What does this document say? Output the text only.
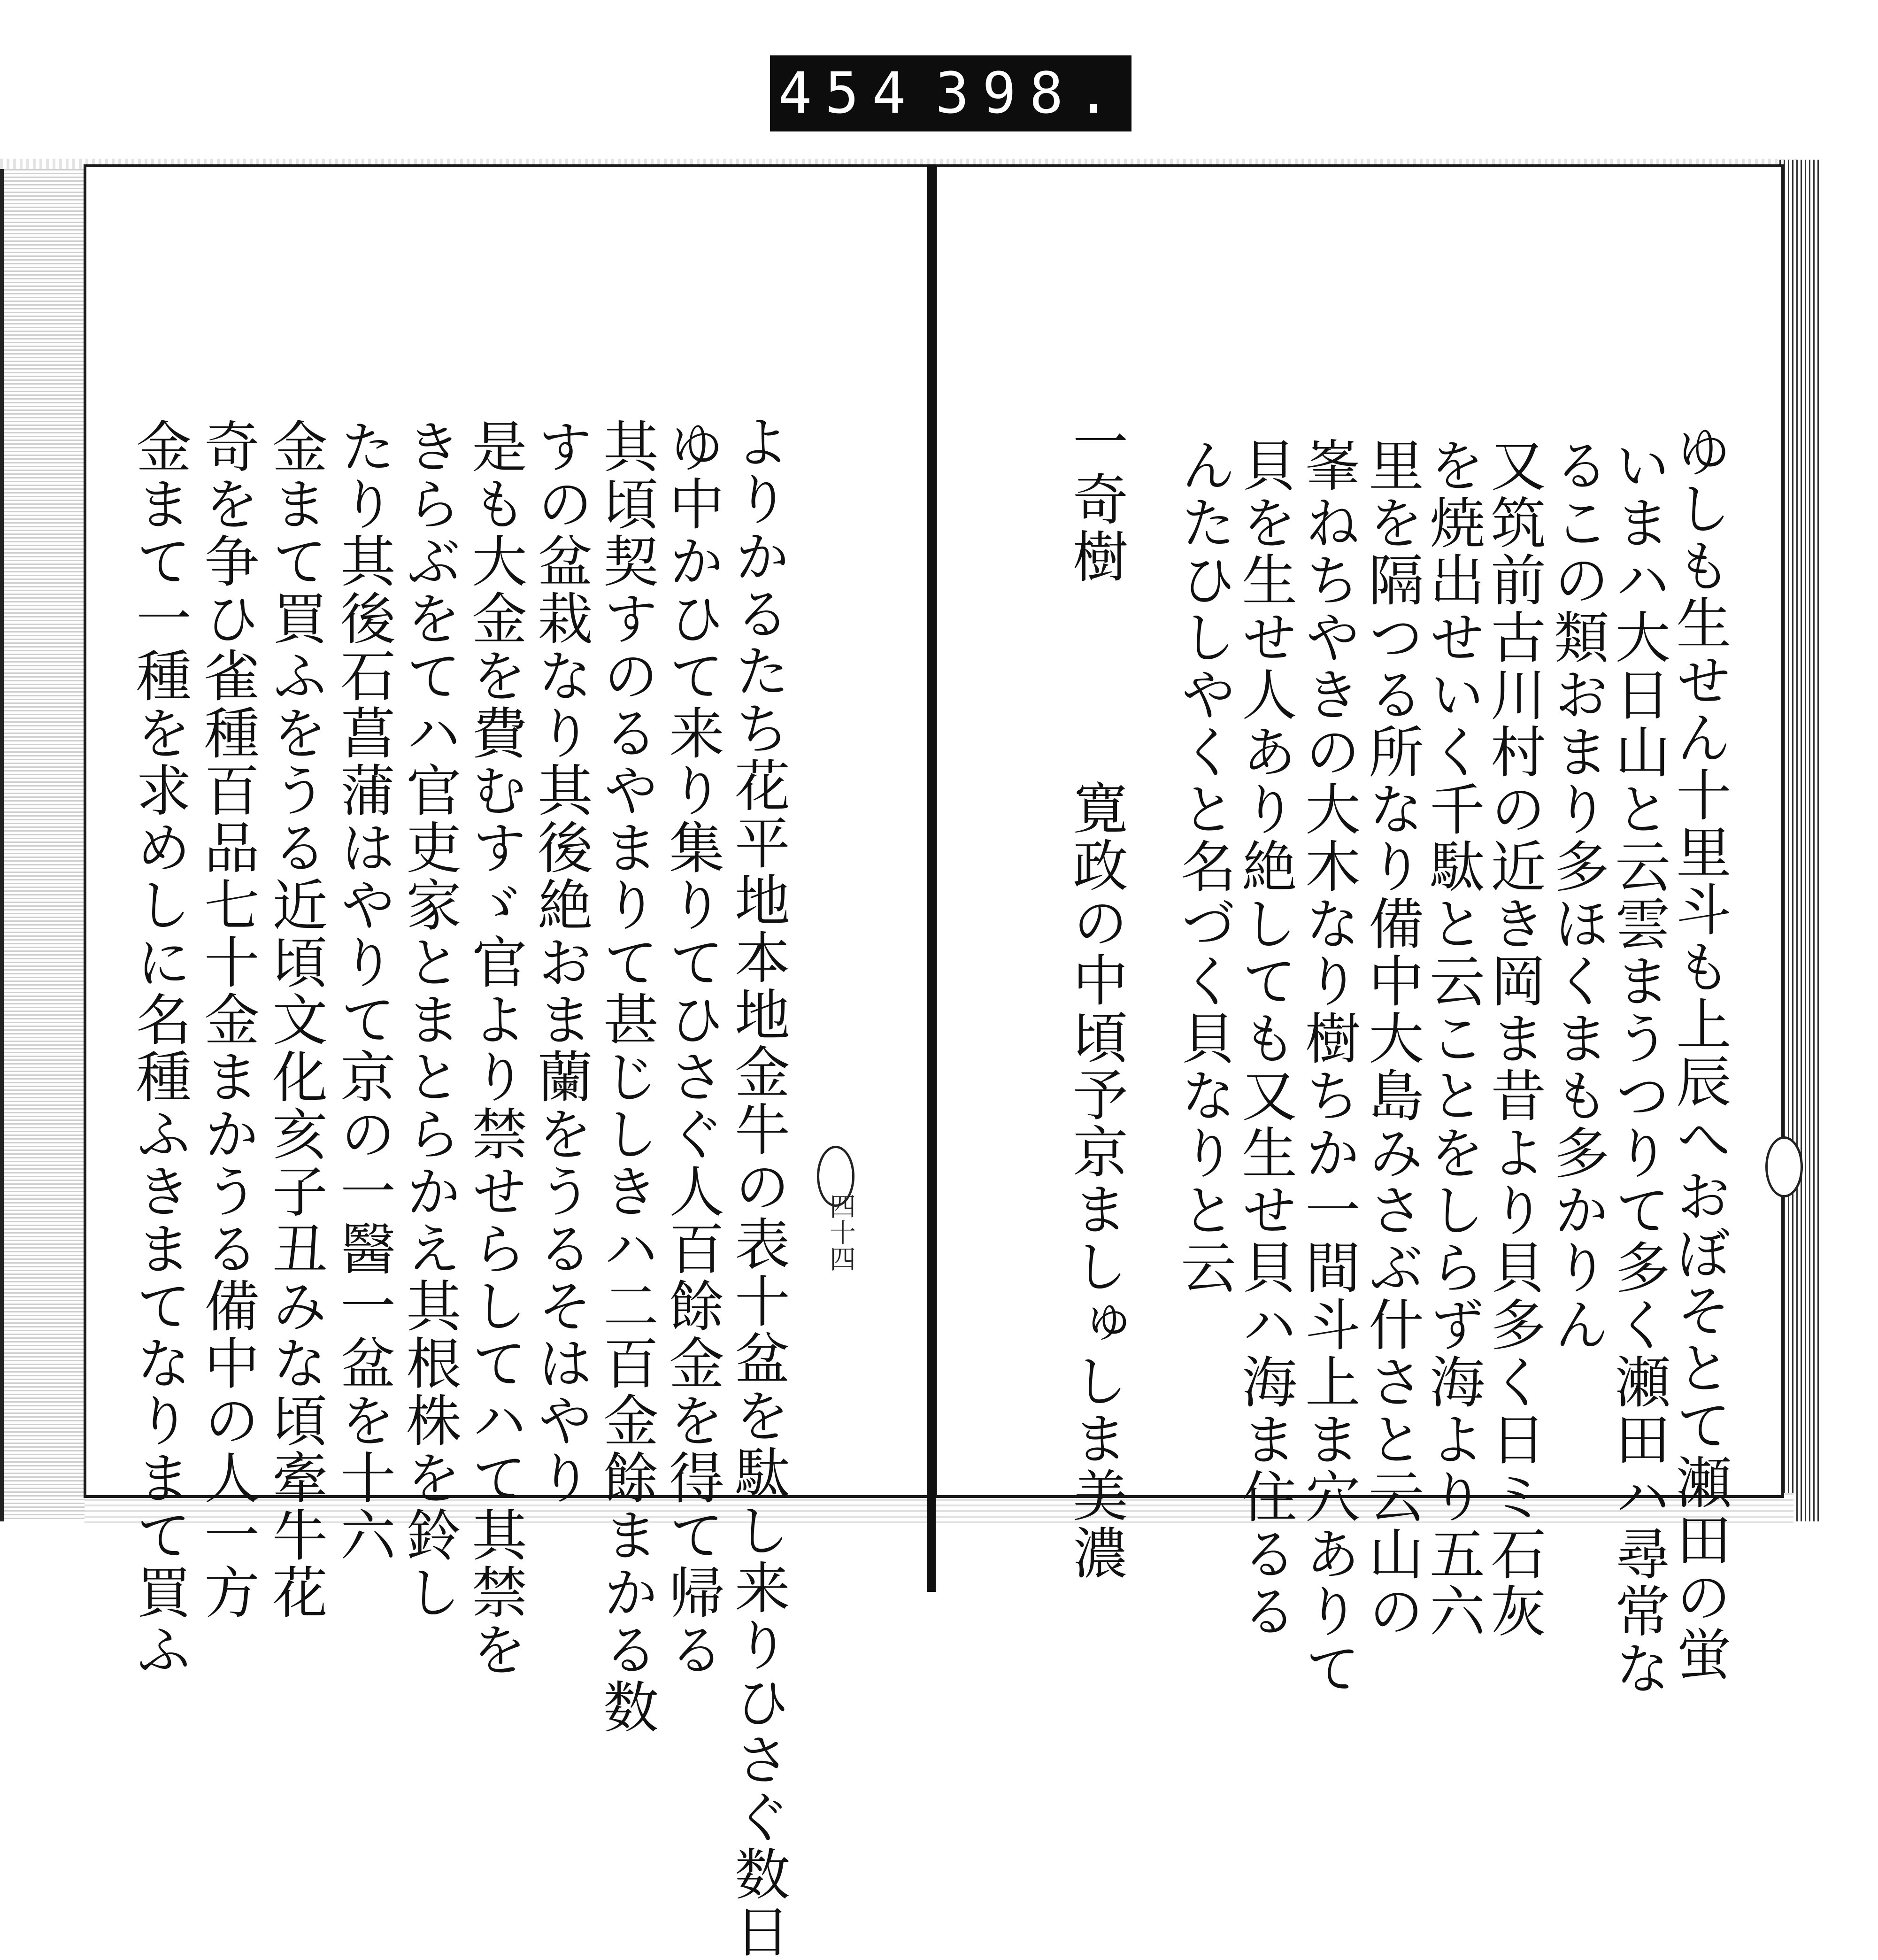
454 398.
ゆしも生せん十里斗も上辰へおぼそとて瀬田の蛍
いまハ大日山と云雲まうつりて多く瀬田ハ尋常な
るこの類おまり多ほくまも多かりん
又筑前古川村の近き岡ま昔より貝多く日ミ石灰
を焼出せいく千駄と云ことをしらず海より五六
里を隔つる所なり備中大島みさぶ什さと云山の
峯ねちやきの大木なり樹ちか一間斗上ま穴ありて
貝を生せ人あり絶しても又生せ貝ハ海ま住るる
んたひしやくと名づく貝なりと云
一奇樹
寛政の中頃予京ましゅしま美濃
よりかるたち花平地本地金牛の表十盆を駄し来りひさぐ数日
ゆ中かひて来り集りてひさぐ人百餘金を得て帰る
其頃契すのるやまりて甚じしきハ二百金餘まかる数
すの盆栽なり其後絶おま蘭をうるそはやり
是も大金を費むすゞ官より禁せらしてハて其禁を
きらぶをてハ官吏家とまとらかえ其根株を鈴し
たり其後石菖蒲はやりて京の一醫一盆を十六
金まて買ふをうる近頃文化亥子丑みな頃牽牛花
奇を争ひ雀種百品七十金まかうる備中の人一方
金まて一種を求めしに名種ふきまてなりまて買ふ	四十四
